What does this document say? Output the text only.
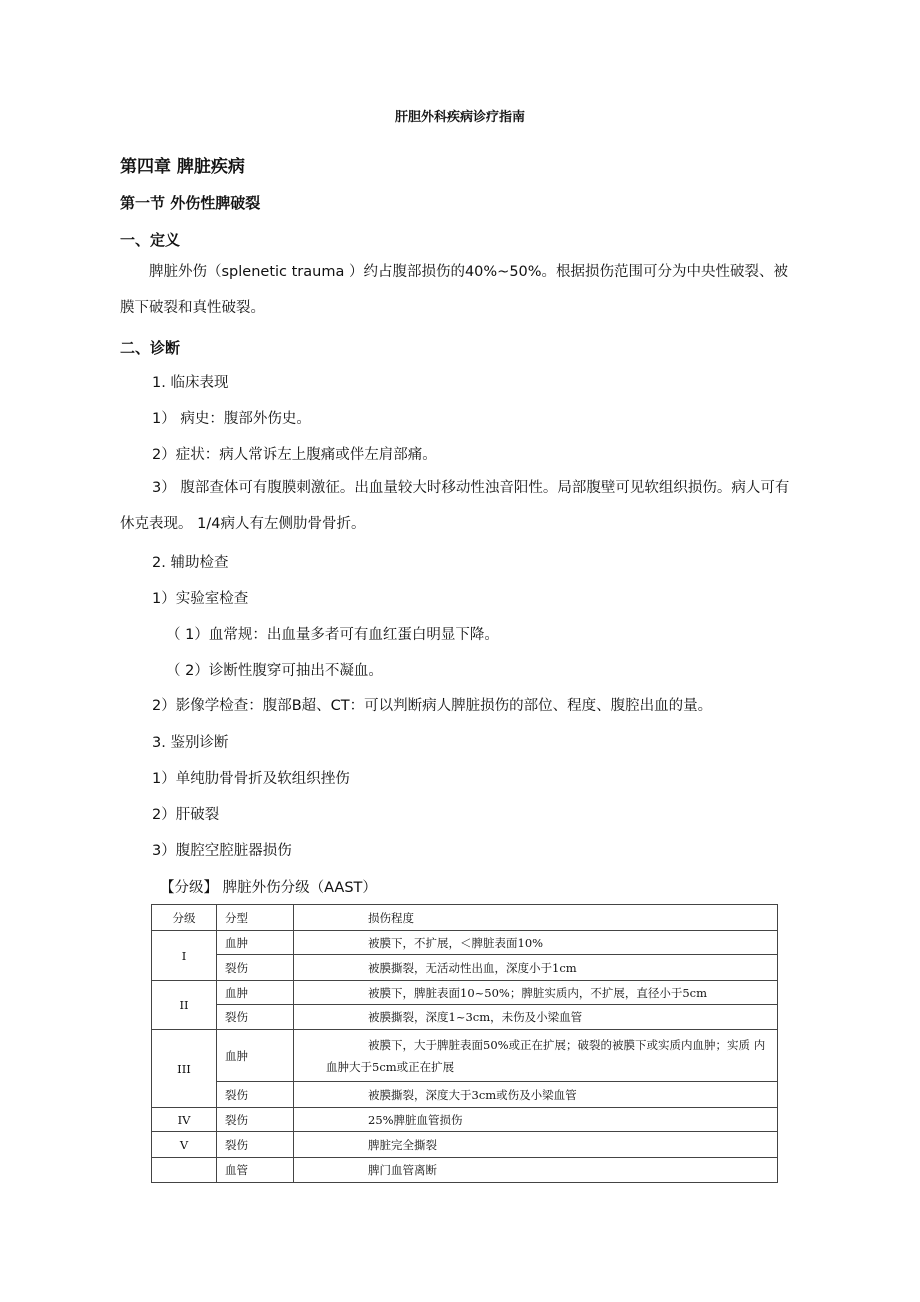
肝胆外科疾病诊疗指南
第四章 脾脏疾病
第一节 外伤性脾破裂
一、定义
脾脏外伤（splenetic trauma ）约占腹部损伤的40%~50%。根据损伤范围可分为中央性破裂、被膜下破裂和真性破裂。
二、诊断
1. 临床表现
1） 病史：腹部外伤史。
2）症状：病人常诉左上腹痛或伴左肩部痛。
3） 腹部查体可有腹膜刺激征。出血量较大时移动性浊音阳性。局部腹壁可见软组织损伤。病人可有休克表现。 1/4病人有左侧肋骨骨折。
2. 辅助检查
1）实验室检查
（ 1）血常规：出血量多者可有血红蛋白明显下降。
（ 2）诊断性腹穿可抽出不凝血。
2）影像学检查：腹部B超、CT：可以判断病人脾脏损伤的部位、程度、腹腔出血的量。
3. 鉴别诊断
1）单纯肋骨骨折及软组织挫伤
2）肝破裂
3）腹腔空腔脏器损伤
【分级】 脾脏外伤分级（AAST）
分级	分型	损伤程度
I	血肿	被膜下，不扩展，＜脾脏表面10%
	裂伤	被膜撕裂，无活动性出血，深度小于1cm
II	血肿	被膜下，脾脏表面10~50%；脾脏实质内，不扩展，直径小于5cm
	裂伤	被膜撕裂，深度1~3cm，未伤及小梁血管
III	血肿	被膜下，大于脾脏表面50%或正在扩展；破裂的被膜下或实质内血肿；实质 内血肿大于5cm或正在扩展
	裂伤	被膜撕裂，深度大于3cm或伤及小梁血管
IV	裂伤	25%脾脏血管损伤
V	裂伤	脾脏完全撕裂
	血管	脾门血管离断
